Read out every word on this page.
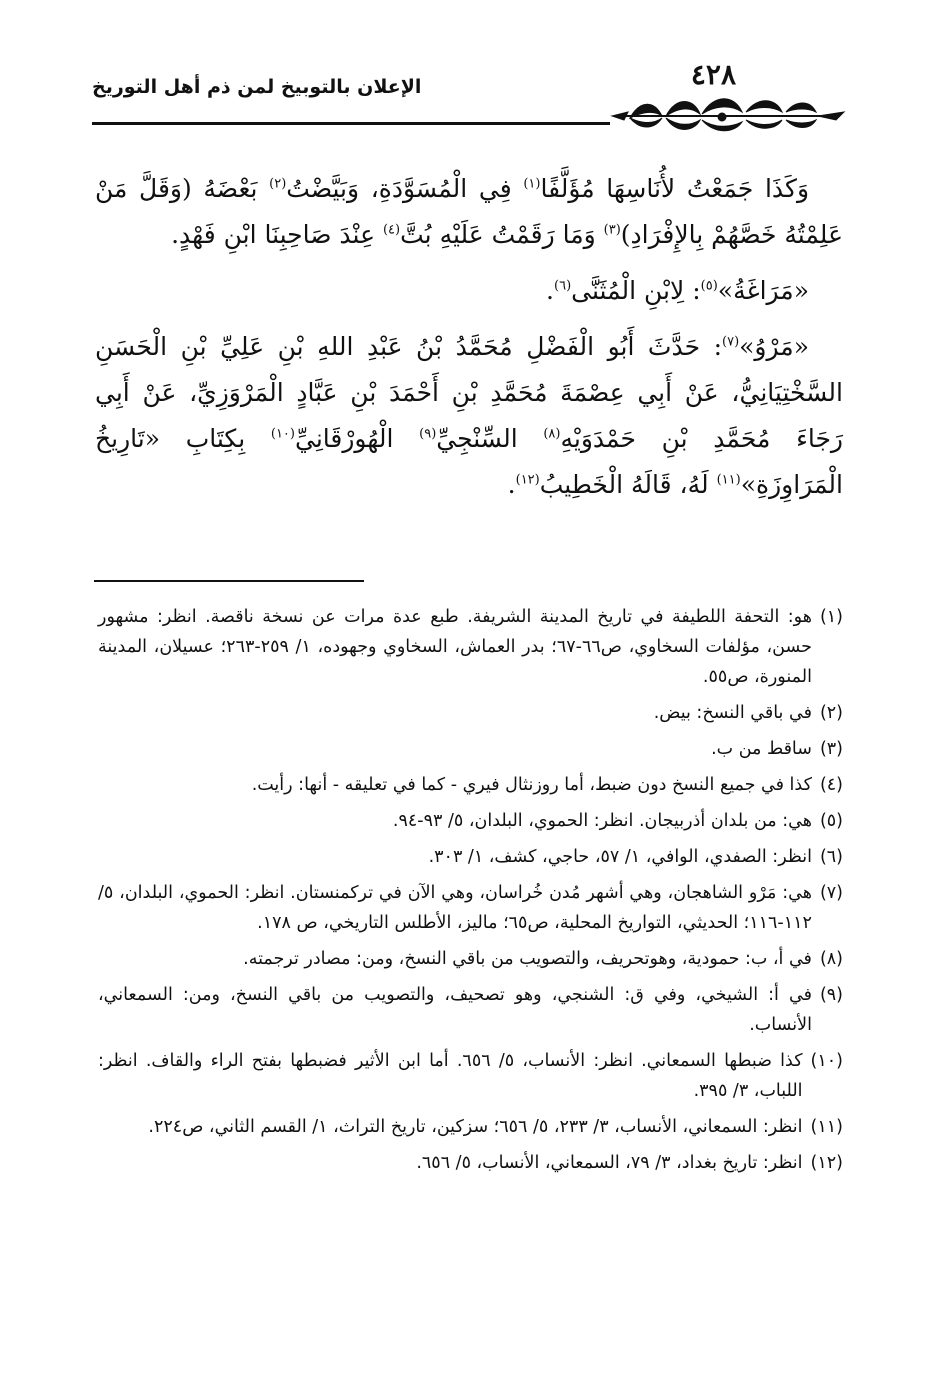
٤٢٨
الإعلان بالتوبيخ لمن ذم أهل التوريخ

وَكَذَا جَمَعْتُ لأُنَاسِهَا مُؤَلَّفًا$^{(١)}$ فِي الْمُسَوَّدَةِ، وَبَيَّضْتُ$^{(٢)}$ بَعْضَهُ (وَقَلَّ مَنْ عَلِمْتُهُ خَصَّهُمْ بِالإِفْرَادِ)$^{(٣)}$ وَمَا رَقَمْتُ عَلَيْهِ بُتَّ$^{(٤)}$ عِنْدَ صَاحِبِنَا ابْنِ فَهْدٍ.

«مَرَاغَةُ»$^{(٥)}$: لِابْنِ الْمُثَنَّى$^{(٦)}$.

«مَرْوُ»$^{(٧)}$: حَدَّثَ أَبُو الْفَضْلِ مُحَمَّدُ بْنُ عَبْدِ اللهِ بْنِ عَلِيِّ بْنِ الْحَسَنِ السَّخْتِيَانِيُّ، عَنْ أَبِي عِصْمَةَ مُحَمَّدِ بْنِ أَحْمَدَ بْنِ عَبَّادٍ الْمَرْوَزِيِّ، عَنْ أَبِي رَجَاءَ مُحَمَّدِ بْنِ حَمْدَوَيْهِ$^{(٨)}$ السِّنْجِيِّ$^{(٩)}$ الْهُورْقَانِيِّ$^{(١٠)}$ بِكِتَابِ «تَارِيخُ الْمَرَاوِزَةِ»$^{(١١)}$ لَهُ، قَالَهُ الْخَطِيبُ$^{(١٢)}$.

(١)
هو: التحفة اللطيفة في تاريخ المدينة الشريفة. طبع عدة مرات عن نسخة ناقصة. انظر: مشهور حسن، مؤلفات السخاوي، ص٦٦-٦٧؛ بدر العماش، السخاوي وجهوده، ١/ ٢٥٩-٢٦٣؛ عسيلان، المدينة المنورة، ص٥٥.
(٢)
في باقي النسخ: بيض.
(٣)
ساقط من ب.
(٤)
كذا في جميع النسخ دون ضبط، أما روزنثال فيري - كما في تعليقه - أنها: رأيت.
(٥)
هي: من بلدان أذربيجان. انظر: الحموي، البلدان، ٥/ ٩٣-٩٤.
(٦)
انظر: الصفدي، الوافي، ١/ ٥٧، حاجي، كشف، ١/ ٣٠٣.
(٧)
هي: مَرْو الشاهجان، وهي أشهر مُدن خُراسان، وهي الآن في تركمنستان. انظر: الحموي، البلدان، ٥/ ١١٢-١١٦؛ الحديثي، التواريخ المحلية، ص٦٥؛ ماليز، الأطلس التاريخي، ص ١٧٨.
(٨)
في أ، ب: حمودية، وهوتحريف، والتصويب من باقي النسخ، ومن: مصادر ترجمته.
(٩)
في أ: الشيخي، وفي ق: الشنجي، وهو تصحيف، والتصويب من باقي النسخ، ومن: السمعاني، الأنساب.
(١٠)
كذا ضبطها السمعاني. انظر: الأنساب، ٥/ ٦٥٦. أما ابن الأثير فضبطها بفتح الراء والقاف. انظر: اللباب، ٣/ ٣٩٥.
(١١)
انظر: السمعاني، الأنساب، ٣/ ٢٣٣، ٥/ ٦٥٦؛ سزكين، تاريخ التراث، ١/ القسم الثاني، ص٢٢٤.
(١٢)
انظر: تاريخ بغداد، ٣/ ٧٩، السمعاني، الأنساب، ٥/ ٦٥٦.
